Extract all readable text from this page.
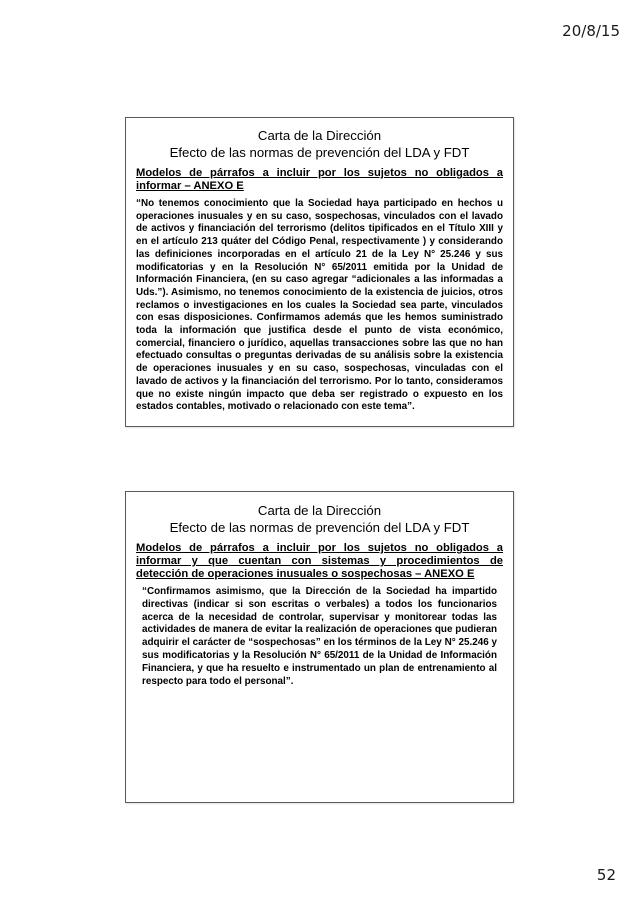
20/8/15
Carta de la Dirección
Efecto de las normas de prevención del LDA y FDT
Modelos de párrafos a incluir por los sujetos no obligados a
informar – ANEXO E
“No tenemos conocimiento que la Sociedad haya participado en hechos u operaciones inusuales y en su caso, sospechosas, vinculados con el lavado de activos y financiación del terrorismo (delitos tipificados en el Título XIII y en el artículo 213 quáter del Código Penal, respectivamente ) y considerando las definiciones incorporadas en el artículo 21 de la Ley N° 25.246 y sus modificatorias y en la Resolución N° 65/2011 emitida por la Unidad de Información Financiera, (en su caso agregar “adicionales a las informadas a Uds.”). Asimismo, no tenemos conocimiento de la existencia de juicios, otros reclamos o investigaciones en los cuales la Sociedad sea parte, vinculados con esas disposiciones. Confirmamos además que les hemos suministrado toda la información que justifica desde el punto de vista económico, comercial, financiero o jurídico, aquellas transacciones sobre las que no han efectuado consultas o preguntas derivadas de su análisis sobre la existencia de operaciones inusuales y en su caso, sospechosas, vinculadas con el lavado de activos y la financiación del terrorismo. Por lo tanto, consideramos que no existe ningún impacto que deba ser registrado o expuesto en los estados contables, motivado o relacionado con este tema”.
Carta de la Dirección
Efecto de las normas de prevención del LDA y FDT
Modelos de párrafos a incluir por los sujetos no obligados a informar y que cuentan con sistemas y procedimientos de
detección de operaciones inusuales o sospechosas – ANEXO E
“Confirmamos asimismo, que la Dirección de la Sociedad ha impartido directivas (indicar si son escritas o verbales) a todos los funcionarios acerca de la necesidad de controlar, supervisar y monitorear todas las actividades de manera de evitar la realización de operaciones que pudieran adquirir el carácter de “sospechosas” en los términos de la Ley N° 25.246 y sus modificatorias y la Resolución N° 65/2011 de la Unidad de Información Financiera, y que ha resuelto e instrumentado un plan de entrenamiento al respecto para todo el personal”.
52
